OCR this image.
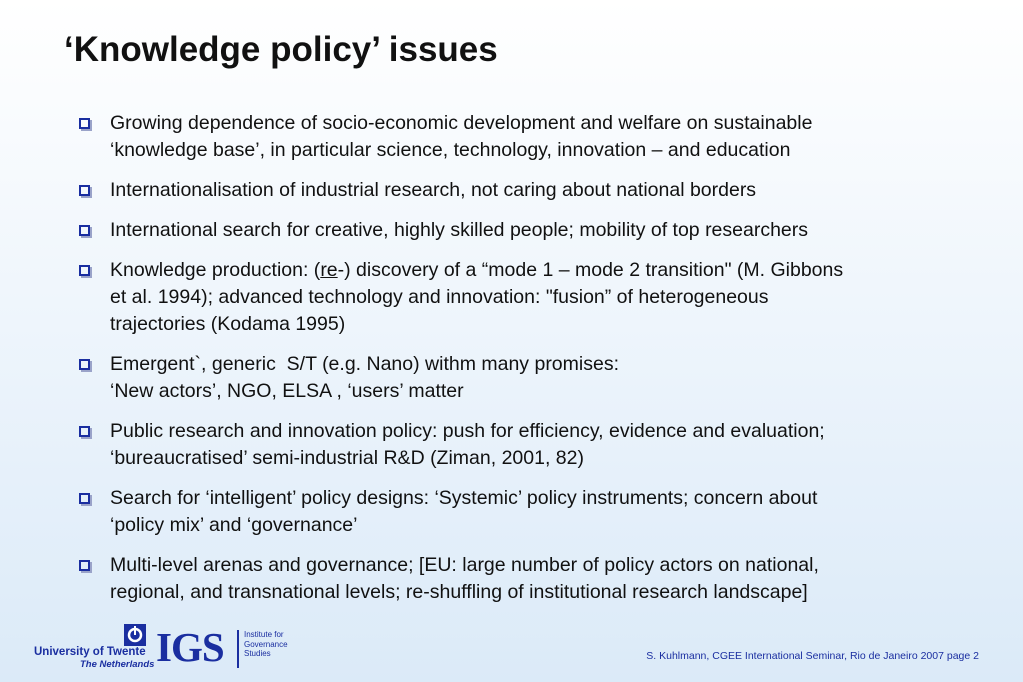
‘Knowledge policy’ issues
Growing dependence of socio-economic development and welfare on sustainable
‘knowledge base’, in particular science, technology, innovation – and education
Internationalisation of industrial research, not caring about national borders
International search for creative, highly skilled people; mobility of top researchers
Knowledge production: (re-) discovery of a “mode 1 – mode 2 transition" (M. Gibbons
et al. 1994); advanced technology and innovation: "fusion” of heterogeneous
trajectories (Kodama 1995)
Emergent`, generic  S/T (e.g. Nano) withm many promises:
‘New actors’, NGO, ELSA , ‘users’ matter
Public research and innovation policy: push for efficiency, evidence and evaluation;
‘bureaucratised’ semi-industrial R&D (Ziman, 2001, 82)
Search for ‘intelligent’ policy designs: ‘Systemic’ policy instruments; concern about
‘policy mix’ and ‘governance’
Multi-level arenas and governance; [EU: large number of policy actors on national,
regional, and transnational levels; re-shuffling of institutional research landscape]
University of Twente
The Netherlands IGS	Institute for
Governance
Studies	S. Kuhlmann, CGEE International Seminar, Rio de Janeiro 2007 page 2
